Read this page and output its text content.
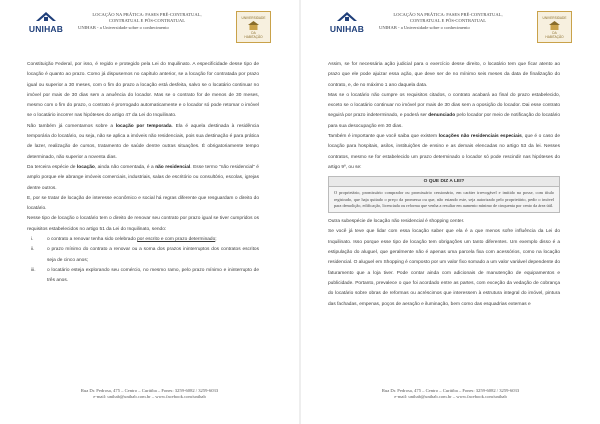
UNIHAB
LOCAÇÃO NA PRÁTICA: FASES PRÉ-CONTRATUAL,
CONTRATUAL E PÓS-CONTRATUAL
UNIHAB - a Universidade sobre o conhecimento
UNIVERSIDADE
DA
HABITAÇÃO

Constituição Federal, por isso, é regido e protegido pela Lei do Inquilinato. A especificidade desse tipo de locação é quanto ao prazo. Como já dispusemos no capítulo anterior, se a locação for contratada por prazo igual ou superior a 30 meses, com o fim do prazo a locação está desfeita, salvo se o locatário continuar no imóvel por mais de 30 dias sem a anuência do locador. Mas se o contrato for de menos de 30 meses, mesmo com o fim do prazo, o contrato é prorrogado automaticamente e o locador só pode retomar o imóvel se o locatário incorrer nas hipóteses do artigo 47 da Lei do Inquilinato.

Não também já comentamos sobre a locação por temporada. Ela é aquela destinada à residência temporária do locatário, ou seja, não se aplica a imóveis não residenciais, pois sua destinação é para prática de lazer, realização de cursos, tratamento de saúde dentre outras situações. É obrigatoriamente tempo determinado, não superior a noventa dias.

Da terceira espécie de locação, ainda não comentada, é a não residencial. Esse termo "não residencial" é amplo porque ele abrange imóveis comerciais, industriais, salas de escritório ou consultório, escolas, igrejas dentre outros.

E, por se tratar de locação de interesse econômico e social há regras diferente que resguardam o direito do locatário.

Nesse tipo de locação o locatário tem o direito de renovar seu contrato por prazo igual se tiver cumpridos os requisitos estabelecidos no artigo 51 da Lei do Inquilinato, sendo:

i.	o contrato a renovar tenha sido celebrado por escrito e com prazo determinado;
ii.	o prazo mínimo do contrato a renovar ou a soma dos prazos ininterruptos dos contratos escritos seja de cinco anos;
iii.	o locatário esteja explorando seu comércio, no mesmo ramo, pelo prazo mínimo e ininterrupto de três anos.
Rua Dr. Pedrosa, 475 – Centro – Curitiba – Fones: 3259-6082 / 3259-6033
e-mail: unihab@unihab.com.br – www.facebook.com/unihab
UNIHAB
LOCAÇÃO NA PRÁTICA: FASES PRÉ-CONTRATUAL,
CONTRATUAL E PÓS-CONTRATUAL
UNIHAB - a Universidade sobre o conhecimento
UNIVERSIDADE
DA
HABITAÇÃO

Assim, se for necessária ação judicial para o exercício desse direito, o locatário tem que ficar atento ao prazo que ele pode ajuizar essa ação, que deve ser de no mínimo seis meses da data de finalização do contrato, e, de no máximo 1 ano daquela data.

Mas se o locatário não cumpre os requisitos citados, o contrato acabará ao final do prazo estabelecido, exceto se o locatário continuar no imóvel por mais de 30 dias sem a oposição do locador. Dai esse contrato seguirá por prazo indeterminado, e poderá ser denunciado pelo locador por meio de notificação do locatário para sua desocupação em 30 dias.

Também é importante que você saiba que existem locações não residenciais especiais, que é o caso de locação para hospitais, asilos, instituições de ensino e as demais elencadas no artigo 53 da lei. Nesses contratos, mesmo se for estabelecido um prazo determinado o locador só pode rescindir nas hipóteses do artigo 9º, ou se:

O QUE DIZ A LEI?
O proprietário, promissário comprador ou promissário cessionário, em caráter irrevogável e imitido na posse, com título registrado, que haja quitado o preço da promessa ou que, não estando este, seja autorizado pelo proprietário, pedir o imóvel para demolição, edificação, licenciada ou reforma que venha a resultar em aumento mínimo de cinquenta por cento da área útil.

Outra subespécie de locação não residencial é shopping center.

Se você já teve que lidar com essa locação saber que ela é a que menos sofre influência da Lei do Inquilinato. Isso porque esse tipo de locação tem obrigações um tanto diferentes. Um exemplo disso é a estipulação do aluguel, que geralmente não é apenas uma parcela fixa com acessórios, como na locação residencial. O aluguel em Shopping é composto por um valor fixo somado a um valor variável dependente do faturamento que a loja tiver. Pode contar ainda com adicionais de manutenção de equipamentos e publicidade. Portanto, prevalece o que foi acordado entre as partes, com exceção da vedação de cobrança do locatário sobre obras de reformas ou acréscimos que interessem à estrutura integral do imóvel, pintura das fachadas, empenas, poços de aeração e iluminação, bem como das esquadrias externas e

Rua Dr. Pedrosa, 475 – Centro – Curitiba – Fones: 3259-6082 / 3259-6033
e-mail: unihab@unihab.com.br – www.facebook.com/unihab
